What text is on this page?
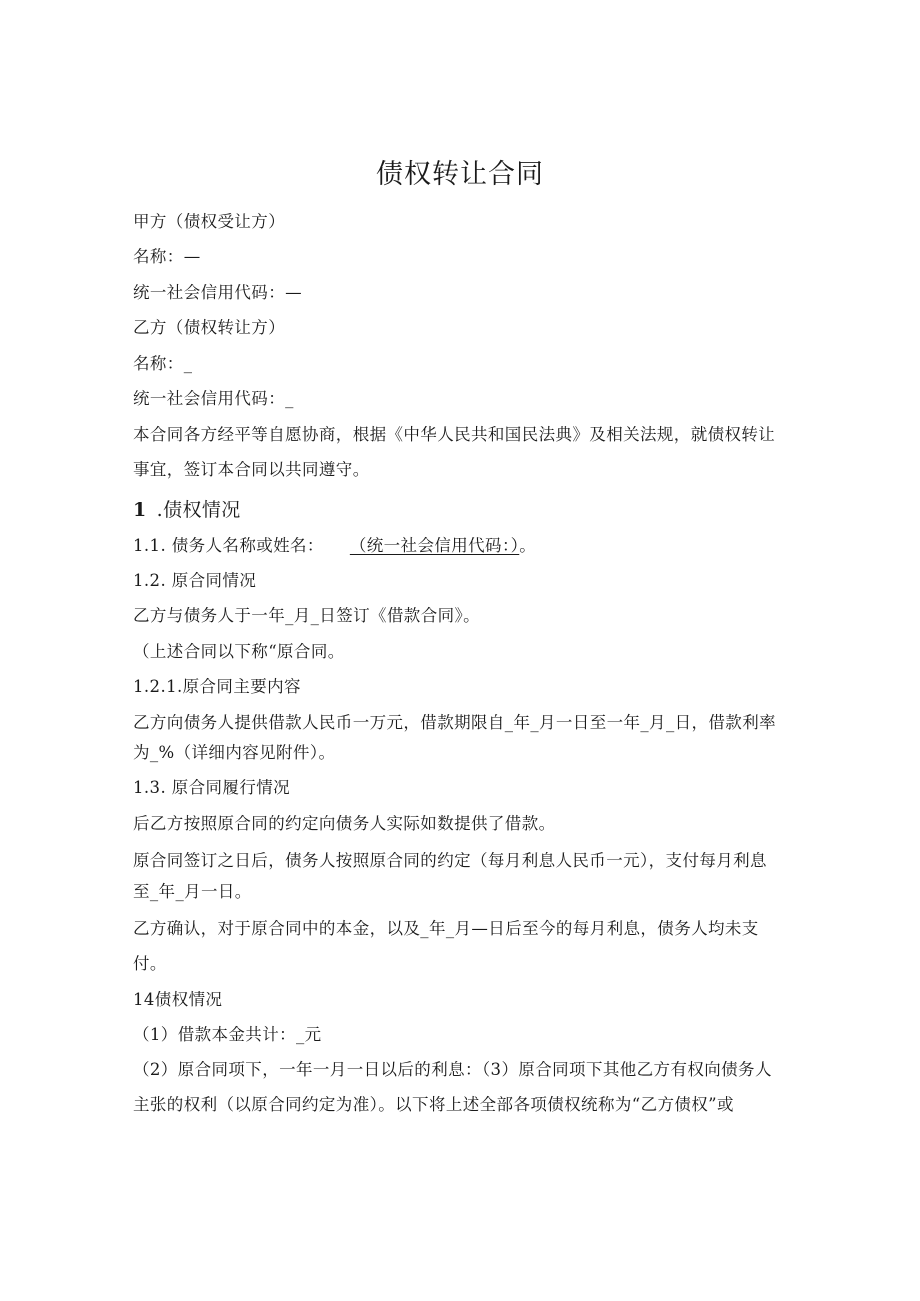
债权转让合同
甲方（债权受让方）
名称：—
统一社会信用代码：—
乙方（债权转让方）
名称：_
统一社会信用代码：_
本合同各方经平等自愿协商，根据《中华人民共和国民法典》及相关法规，就债权转让
事宜，签订本合同以共同遵守。
1 .债权情况
1.1. 债务人名称或姓名： （统一社会信用代码：）。
1.2. 原合同情况
乙方与债务人于一年_月_日签订《借款合同》。
（上述合同以下称“原合同。
1.2.1.原合同主要内容
乙方向债务人提供借款人民币一万元，借款期限自_年_月一日至一年_月_日，借款利率
为_%（详细内容见附件）。
1.3. 原合同履行情况
后乙方按照原合同的约定向债务人实际如数提供了借款。
原合同签订之日后，债务人按照原合同的约定（每月利息人民币一元），支付每月利息
至_年_月一日。
乙方确认，对于原合同中的本金，以及_年_月—日后至今的每月利息，债务人均未支
付。
14债权情况
（1）借款本金共计：_元
（2）原合同项下，一年一月一日以后的利息：（3）原合同项下其他乙方有权向债务人
主张的权利（以原合同约定为准）。以下将上述全部各项债权统称为“乙方债权”或
